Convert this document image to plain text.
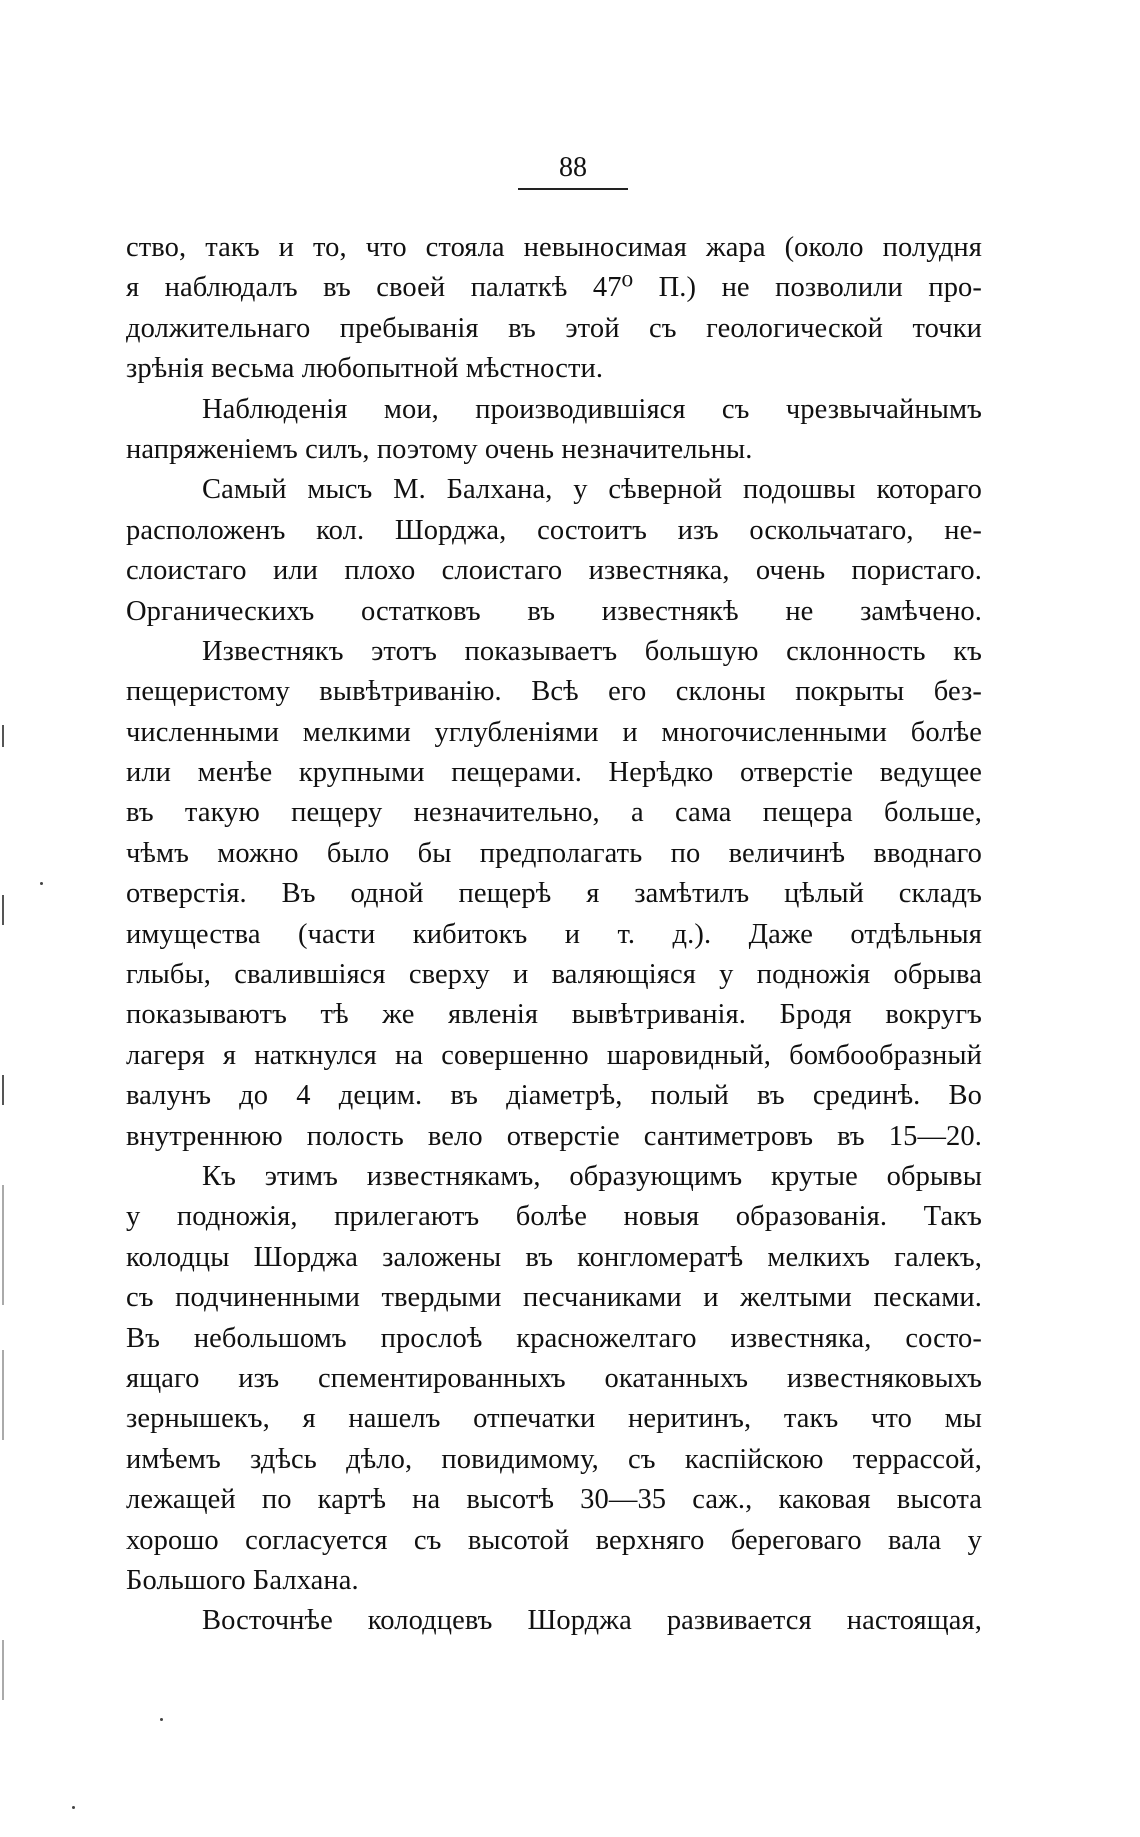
88
ство, такъ и то, что стояла невыносимая жара (около полудня
я наблюдалъ въ своей палаткѣ 47⁰ П.) не позволили про-
должительнаго пребыванія въ этой съ геологической точки
зрѣнія весьма любопытной мѣстности.
Наблюденія мои, производившіяся съ чрезвычайнымъ
напряженіемъ силъ, поэтому очень незначительны.
Самый мысъ М. Балхана, у сѣверной подошвы котораго
расположенъ кол. Шорджа, состоитъ изъ оскольчатаго, не-
слоистаго или плохо слоистаго известняка, очень пористаго.
Органическихъ остатковъ въ известнякѣ не замѣчено.
Известнякъ этотъ показываетъ большую склонность къ
пещеристому вывѣтриванію. Всѣ его склоны покрыты без-
численными мелкими углубленіями и многочисленными болѣе
или менѣе крупными пещерами. Нерѣдко отверстіе ведущее
въ такую пещеру незначительно, а сама пещера больше,
чѣмъ можно было бы предполагать по величинѣ вводнаго
отверстія. Въ одной пещерѣ я замѣтилъ цѣлый складъ
имущества (части кибитокъ и т. д.). Даже отдѣльныя
глыбы, свалившіяся сверху и валяющіяся у подножія обрыва
показываютъ тѣ же явленія вывѣтриванія. Бродя вокругъ
лагеря я наткнулся на совершенно шаровидный, бомбообразный
валунъ до 4 децим. въ діаметрѣ, полый въ срединѣ. Во
внутреннюю полость вело отверстіе сантиметровъ въ 15—20.
Къ этимъ известнякамъ, образующимъ крутые обрывы
у подножія, прилегаютъ болѣе новыя образованія. Такъ
колодцы Шорджа заложены въ конгломератѣ мелкихъ галекъ,
съ подчиненными твердыми песчаниками и желтыми песками.
Въ небольшомъ прослоѣ красножелтаго известняка, состо-
ящаго изъ спементированныхъ окатанныхъ известняковыхъ
зернышекъ, я нашелъ отпечатки неритинъ, такъ что мы
имѣемъ здѣсь дѣло, повидимому, съ каспійскою террассой,
лежащей по картѣ на высотѣ 30—35 саж., каковая высота
хорошо согласуется съ высотой верхняго береговаго вала у
Большого Балхана.
Восточнѣе колодцевъ Шорджа развивается настоящая,
